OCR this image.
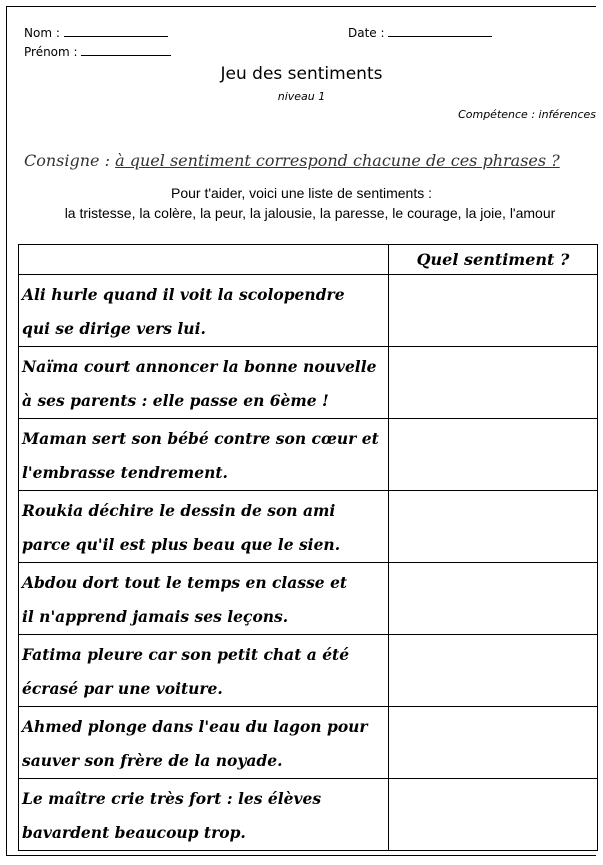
Nom :
Prénom :
Date :
Jeu des sentiments
niveau 1
Compétence : inférences
Consigne : à quel sentiment correspond chacune de ces phrases ?
Pour t'aider, voici une liste de sentiments :
la tristesse, la colère, la peur, la jalousie, la paresse, le courage, la joie, l'amour
	Quel sentiment ?

Ali hurle quand il voit la scolopendre
qui se dirige vers lui.	

Naïma court annoncer la bonne nouvelle
à ses parents : elle passe en 6ème !	

Maman sert son bébé contre son cœur et
l'embrasse tendrement.	

Roukia déchire le dessin de son ami
parce qu'il est plus beau que le sien.	

Abdou dort tout le temps en classe et
il n'apprend jamais ses leçons.	

Fatima pleure car son petit chat a été
écrasé par une voiture.	

Ahmed plonge dans l'eau du lagon pour
sauver son frère de la noyade.	

Le maître crie très fort : les élèves
bavardent beaucoup trop.	
